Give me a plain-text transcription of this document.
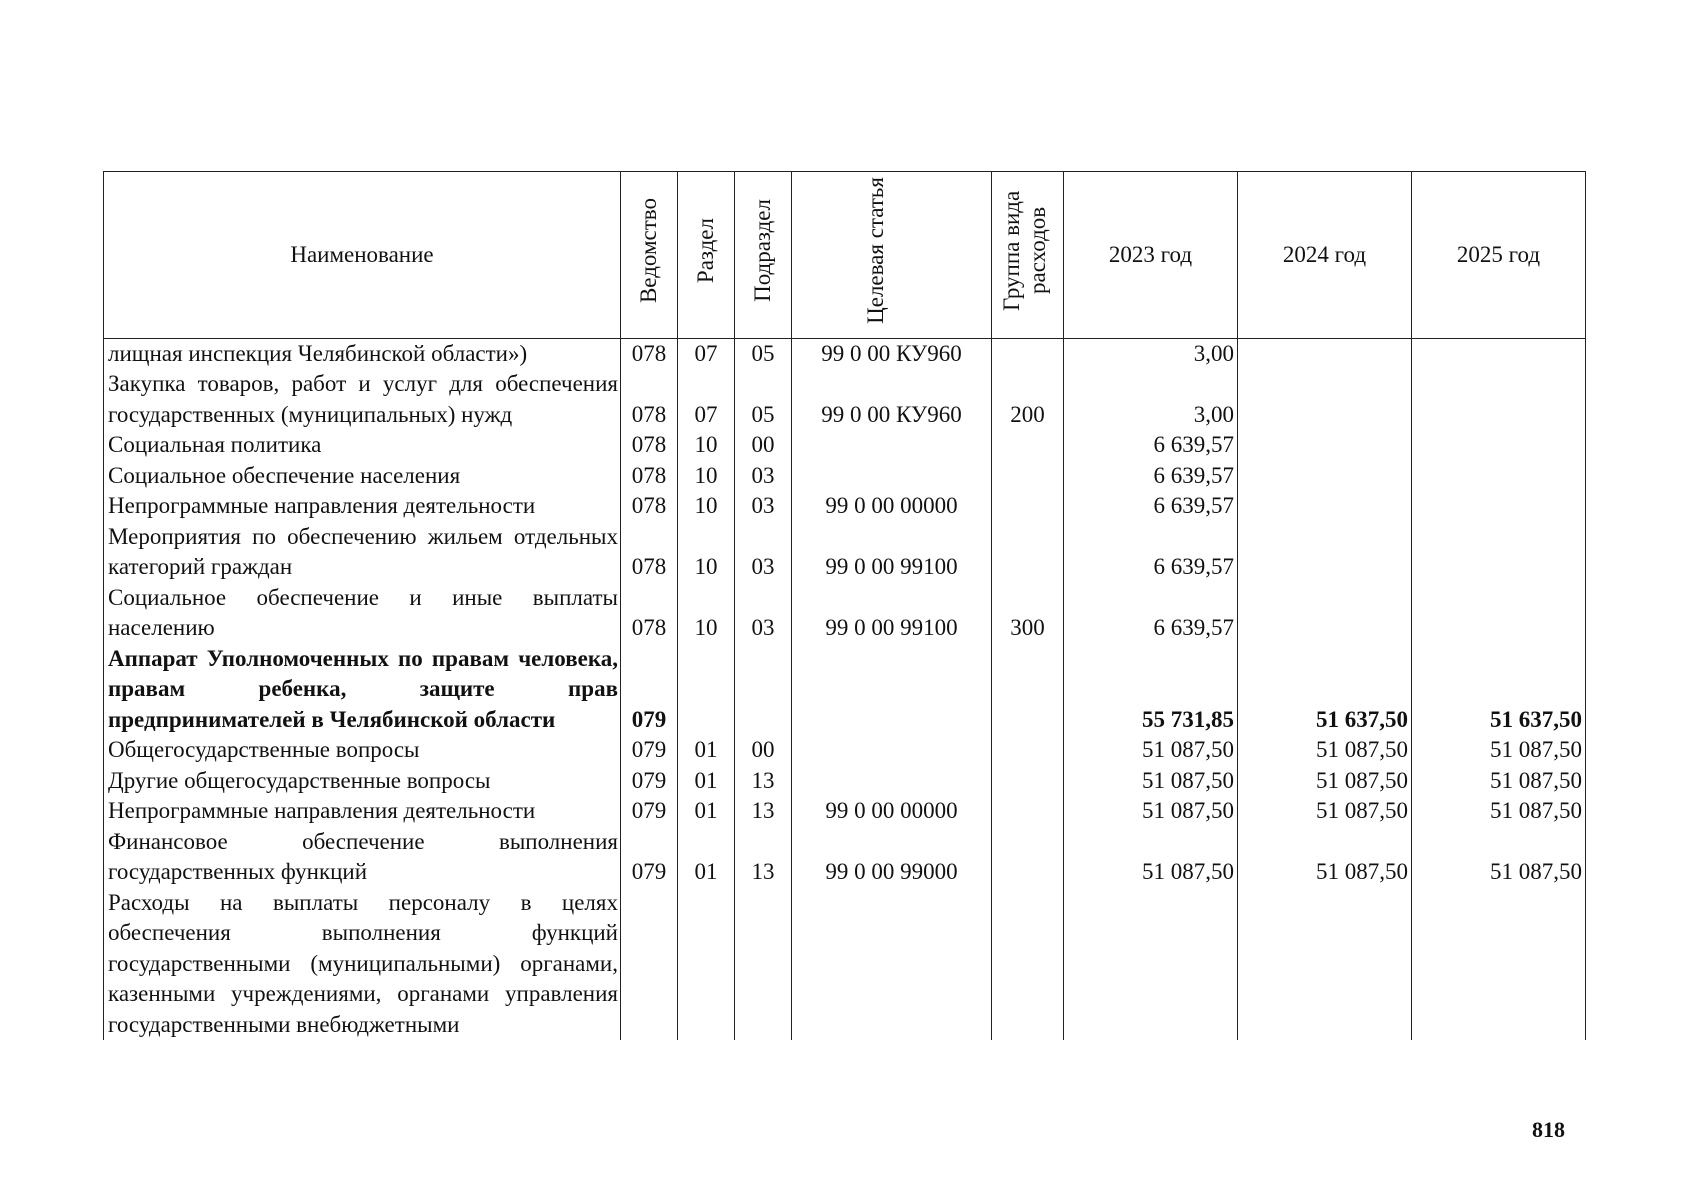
Наименование	Ведомство	Раздел	Подраздел	Целевая статья	Группа вида расходов	2023 год	2024 год	2025 год
лищная инспекция Челябинской области»)	078	07	05	99 0 00 КУ960		3,00		
Закупка товаров, работ и услуг для обеспечения государственных (муниципальных) нужд	078	07	05	99 0 00 КУ960	200	3,00		
Социальная политика	078	10	00			6 639,57		
Социальное обеспечение населения	078	10	03			6 639,57		
Непрограммные направления деятельности	078	10	03	99 0 00 00000		6 639,57		
Мероприятия по обеспечению жильем отдельных категорий граждан	078	10	03	99 0 00 99100		6 639,57		
Социальное обеспечение и иные выплаты населению	078	10	03	99 0 00 99100	300	6 639,57		
Аппарат Уполномоченных по правам человека, правам ребенка, защите прав предпринимателей в Челябинской области	079					55 731,85	51 637,50	51 637,50
Общегосударственные вопросы	079	01	00			51 087,50	51 087,50	51 087,50
Другие общегосударственные вопросы	079	01	13			51 087,50	51 087,50	51 087,50
Непрограммные направления деятельности	079	01	13	99 0 00 00000		51 087,50	51 087,50	51 087,50
Финансовое обеспечение выполнения государственных функций	079	01	13	99 0 00 99000		51 087,50	51 087,50	51 087,50
Расходы на выплаты персоналу в целях обеспечения выполнения функций государственными (муниципальными) органами, казенными учреждениями, органами управления государственными внебюджетными								
818
